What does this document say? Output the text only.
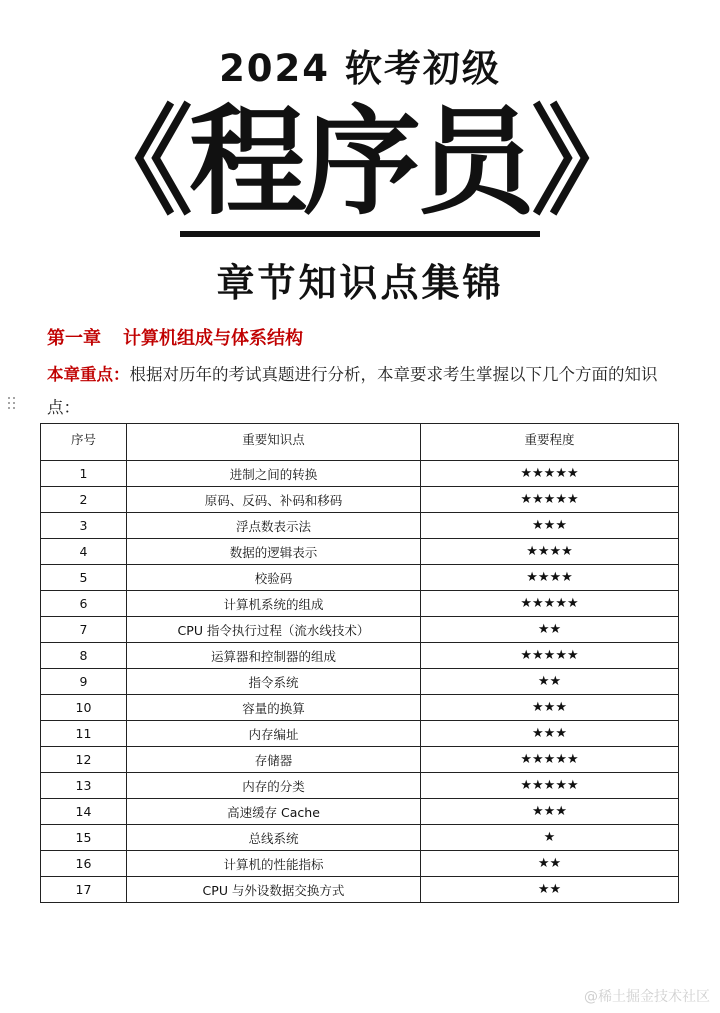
2024 软考初级
《程序员》
章节知识点集锦
第一章 计算机组成与体系结构
本章重点：根据对历年的考试真题进行分析，本章要求考生掌握以下几个方面的知识点：
序号	重要知识点	重要程度
1	进制之间的转换	★★★★★
2	原码、反码、补码和移码	★★★★★
3	浮点数表示法	★★★
4	数据的逻辑表示	★★★★
5	校验码	★★★★
6	计算机系统的组成	★★★★★
7	CPU 指令执行过程（流水线技术）	★★
8	运算器和控制器的组成	★★★★★
9	指令系统	★★
10	容量的换算	★★★
11	内存编址	★★★
12	存储器	★★★★★
13	内存的分类	★★★★★
14	高速缓存 Cache	★★★
15	总线系统	★
16	计算机的性能指标	★★
17	CPU 与外设数据交换方式	★★
@稀土掘金技术社区
